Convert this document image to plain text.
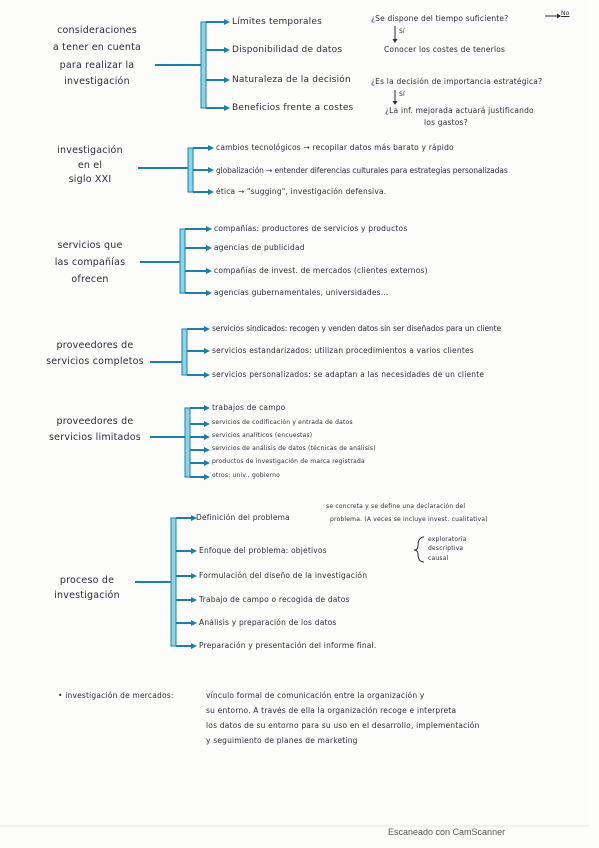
consideraciones
a tener en cuenta
para realizar la
investigación
Límites temporales
Disponibilidad de datos
Naturaleza de la decisión
Beneficios frente a costes
¿Se dispone del tiempo suficiente?
No
Sí
Conocer los costes de tenerlos
¿Es la decisión de importancia estratégica?
Sí
¿La inf. mejorada actuará justificando
los gastos?
investigación
en el
siglo XXI
cambios tecnológicos → recopilar datos más barato y rápido
globalización → entender diferencias culturales para estrategias personalizadas
ética → "sugging", investigación defensiva.
servicios que
las compañías
ofrecen
compañías: productores de servicios y productos
agencias de publicidad
compañías de invest. de mercados (clientes externos)
agencias gubernamentales, universidades...
proveedores de
servicios completos
servicios sindicados: recogen y venden datos sin ser diseñados para un cliente
servicios estandarizados: utilizan procedimientos a varios clientes
servicios personalizados: se adaptan a las necesidades de un cliente
proveedores de
servicios limitados
trabajos de campo
servicios de codificación y entrada de datos
servicios analíticos (encuestas)
servicios de análisis de datos (técnicas de análisis)
productos de investigación de marca registrada
otros: univ., gobierno
proceso de
investigación
Definición del problema
se concreta y se define una declaración del
problema. (A veces se incluye invest. cualitativa)
Enfoque del problema: objetivos
exploratoria
descriptiva
causal
Formulación del diseño de la investigación
Trabajo de campo o recogida de datos
Análisis y preparación de los datos
Preparación y presentación del informe final.
• investigación de mercados:	vínculo formal de comunicación entre la organización y
su entorno. A través de ella la organización recoge e interpreta
los datos de su entorno para su uso en el desarrollo, implementación
y seguimiento de planes de marketing
Escaneado con CamScanner
